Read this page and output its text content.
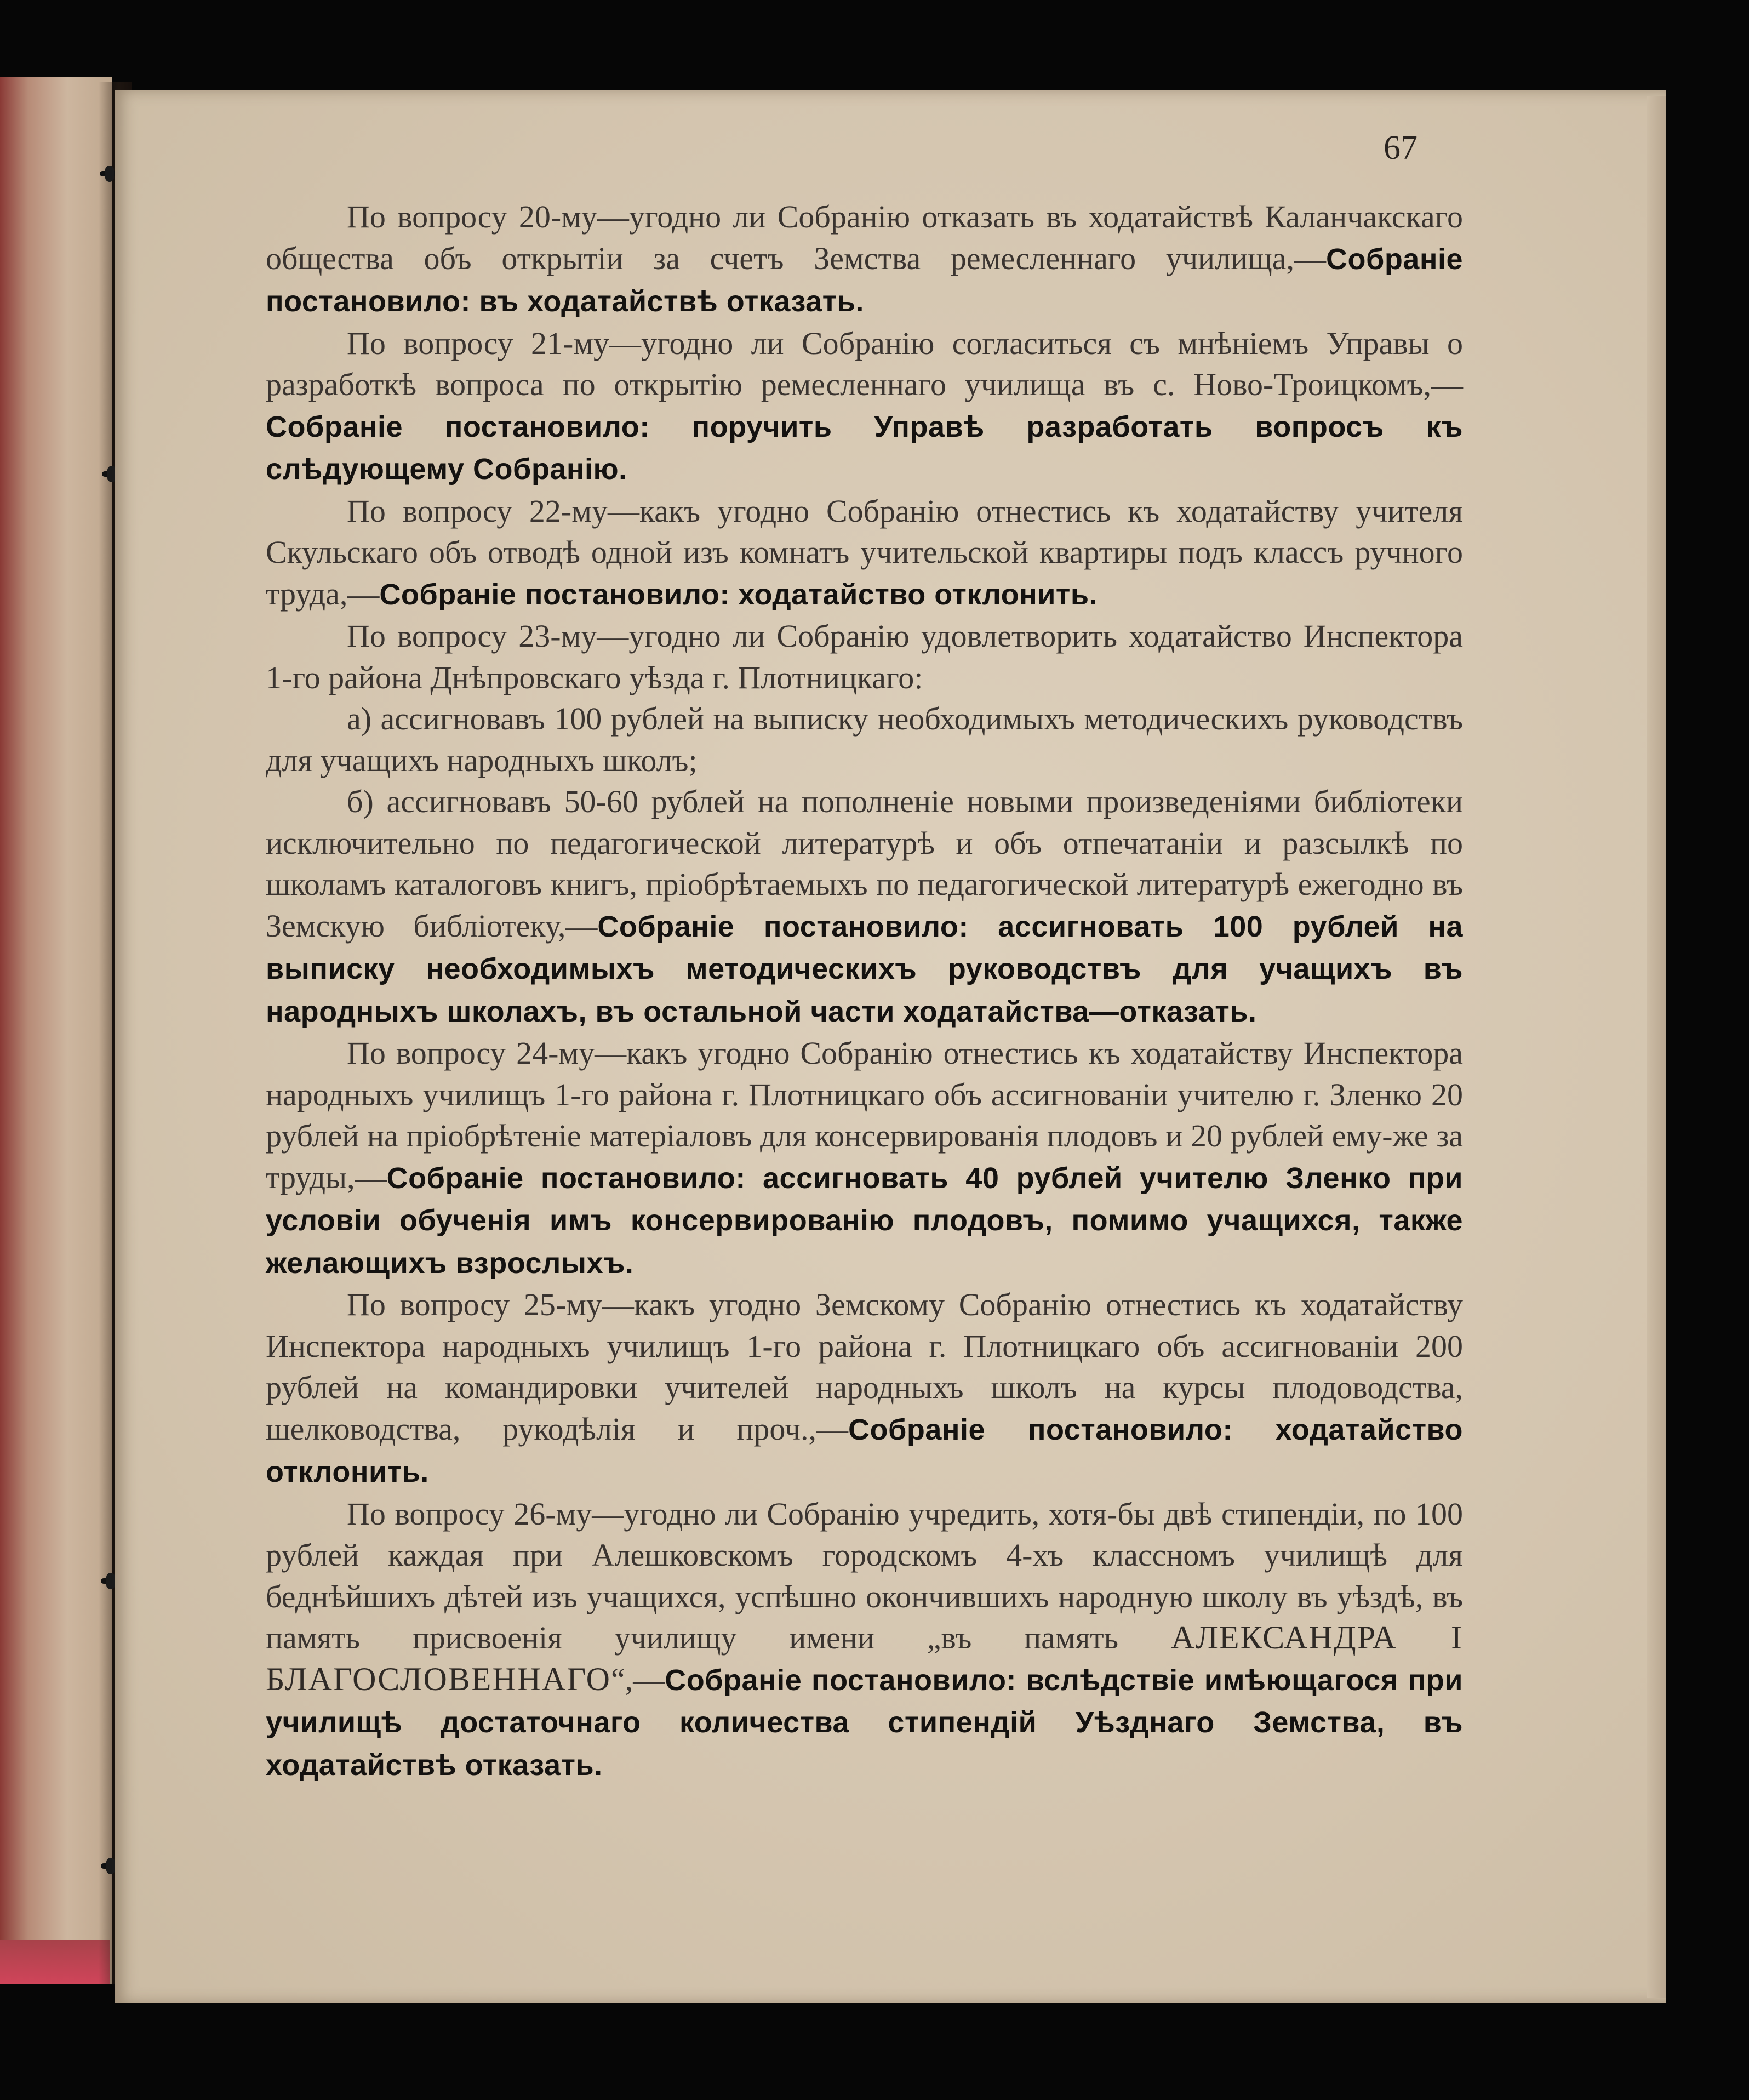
67

По вопросу 20-му—угодно ли Собранію отказать въ ходатайствѣ Каланчакскаго общества объ открытіи за счетъ Земства ремесленнаго училища,—Собраніе постановило: въ ходатайствѣ отказать.

По вопросу 21-му—угодно ли Собранію согласиться съ мнѣніемъ Управы о разработкѣ вопроса по открытію ремесленнаго училища въ с. Ново-Троицкомъ,—Собраніе постановило: поручить Управѣ разработать вопросъ къ слѣдующему Собранію.

По вопросу 22-му—какъ угодно Собранію отнестись къ ходатайству учителя Скульскаго объ отводѣ одной изъ комнатъ учительской квартиры подъ классъ ручного труда,—Собраніе постановило: ходатайство отклонить.

По вопросу 23-му—угодно ли Собранію удовлетворить ходатайство Инспектора 1-го района Днѣпровскаго уѣзда г. Плотницкаго:

а) ассигновавъ 100 рублей на выписку необходимыхъ методическихъ руководствъ для учащихъ народныхъ школъ;

б) ассигновавъ 50-60 рублей на пополненіе новыми произведеніями библіотеки исключительно по педагогической литературѣ и объ отпечатаніи и разсылкѣ по школамъ каталоговъ книгъ, пріобрѣтаемыхъ по педагогической литературѣ ежегодно въ Земскую библіотеку,—Собраніе постановило: ассигновать 100 рублей на выписку необходимыхъ методическихъ руководствъ для учащихъ въ народныхъ школахъ, въ остальной части ходатайства—отказать.

По вопросу 24-му—какъ угодно Собранію отнестись къ ходатайству Инспектора народныхъ училищъ 1-го района г. Плотницкаго объ ассигнованіи учителю г. Зленко 20 рублей на пріобрѣтеніе матеріаловъ для консервированія плодовъ и 20 рублей ему-же за труды,—Собраніе постановило: ассигновать 40 рублей учителю Зленко при условіи обученія имъ консервированію плодовъ, помимо учащихся, также желающихъ взрослыхъ.

По вопросу 25-му—какъ угодно Земскому Собранію отнестись къ ходатайству Инспектора народныхъ училищъ 1-го района г. Плотницкаго объ ассигнованіи 200 рублей на командировки учителей народныхъ школъ на курсы плодоводства, шелководства, рукодѣлія и проч.,—Собраніе постановило: ходатайство отклонить.

По вопросу 26-му—угодно ли Собранію учредить, хотя-бы двѣ стипендіи, по 100 рублей каждая при Алешковскомъ городскомъ 4-хъ классномъ училищѣ для беднѣйшихъ дѣтей изъ учащихся, успѣшно окончившихъ народную школу въ уѣздѣ, въ память присвоенія училищу имени „въ память АЛЕКСАНДРА I БЛАГОСЛОВЕННАГО“,—Собраніе постановило: вслѣдствіе имѣющагося при училищѣ достаточнаго количества стипендій Уѣзднаго Земства, въ ходатайствѣ отказать.
